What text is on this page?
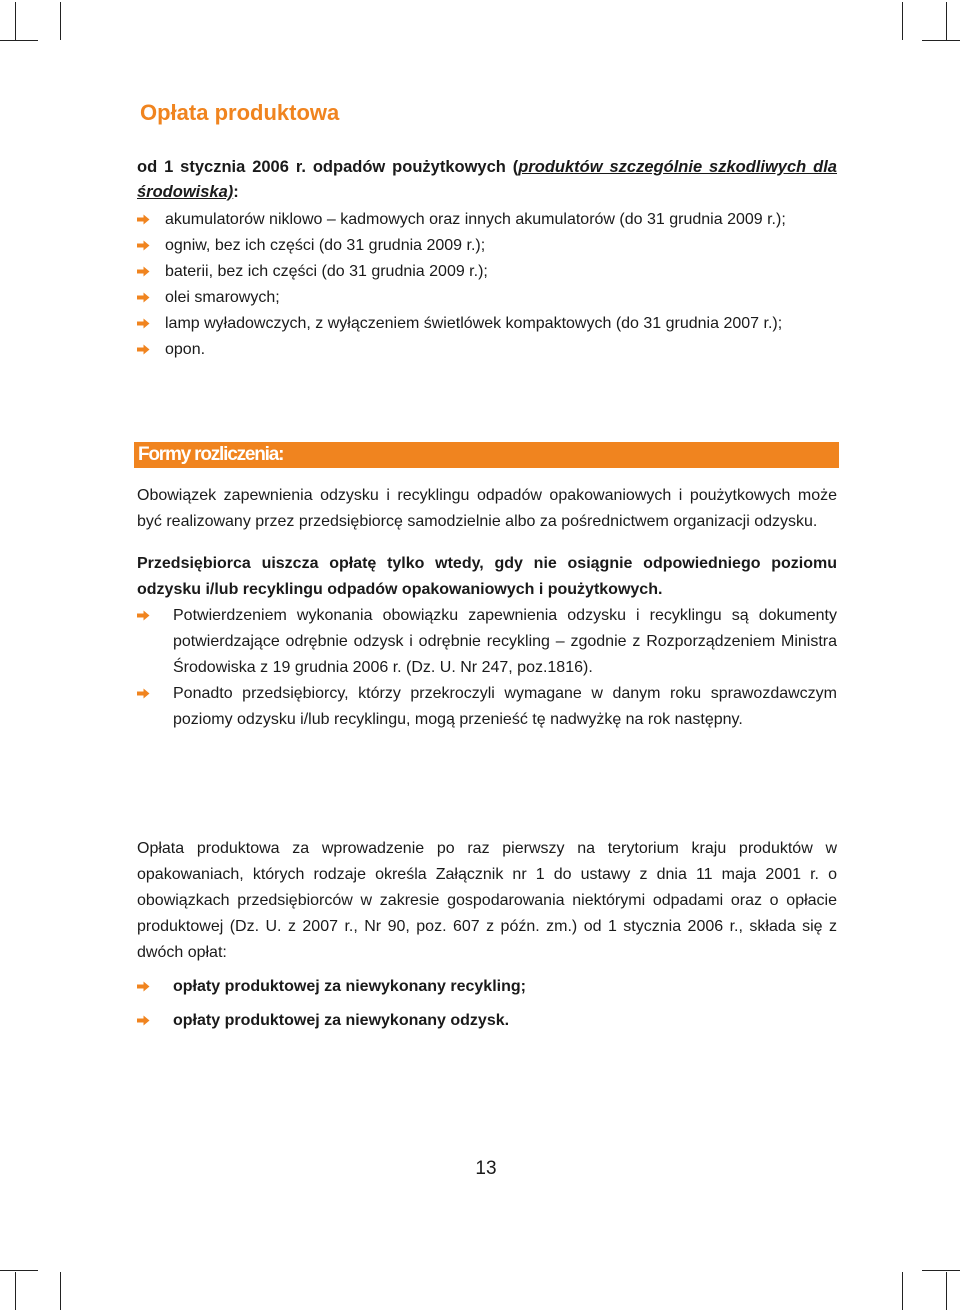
Opłata produktowa

od 1 stycznia 2006 r. odpadów poużytkowych (produktów szczególnie szkodliwych dla środowiska):

akumulatorów niklowo – kadmowych oraz innych akumulatorów (do 31 grudnia 2009 r.);
ogniw, bez ich części (do 31 grudnia 2009 r.);
baterii, bez ich części (do 31 grudnia 2009 r.);
olei smarowych;
lamp wyładowczych, z wyłączeniem świetlówek kompaktowych (do 31 grudnia 2007 r.);
opon.
Formy rozliczenia:

Obowiązek zapewnienia odzysku i recyklingu odpadów opakowaniowych i poużytkowych może być realizowany przez przedsiębiorcę samodzielnie albo za pośrednictwem organizacji odzysku.

Przedsiębiorca uiszcza opłatę tylko wtedy, gdy nie osiągnie odpowiedniego poziomu odzysku i/lub recyklingu odpadów opakowaniowych i poużytkowych.

Potwierdzeniem wykonania obowiązku zapewnienia odzysku i recyklingu są dokumenty potwierdzające odrębnie odzysk i odrębnie recykling – zgodnie z Rozporządzeniem Ministra Środowiska z 19 grudnia 2006 r. (Dz. U. Nr 247, poz.1816).
Ponadto przedsiębiorcy, którzy przekroczyli wymagane w danym roku sprawozdawczym poziomy odzysku i/lub recyklingu, mogą przenieść tę nadwyżkę na rok następny.

Opłata produktowa za wprowadzenie po raz pierwszy na terytorium kraju produktów w opakowaniach, których rodzaje określa Załącznik nr 1 do ustawy z dnia 11 maja 2001 r. o obowiązkach przedsiębiorców w zakresie gospodarowania niektórymi odpadami oraz o opłacie produktowej (Dz. U. z 2007 r., Nr 90, poz. 607 z późn. zm.) od 1 stycznia 2006 r., składa się z dwóch opłat:

opłaty produktowej za niewykonany recykling;
opłaty produktowej za niewykonany odzysk.
13
